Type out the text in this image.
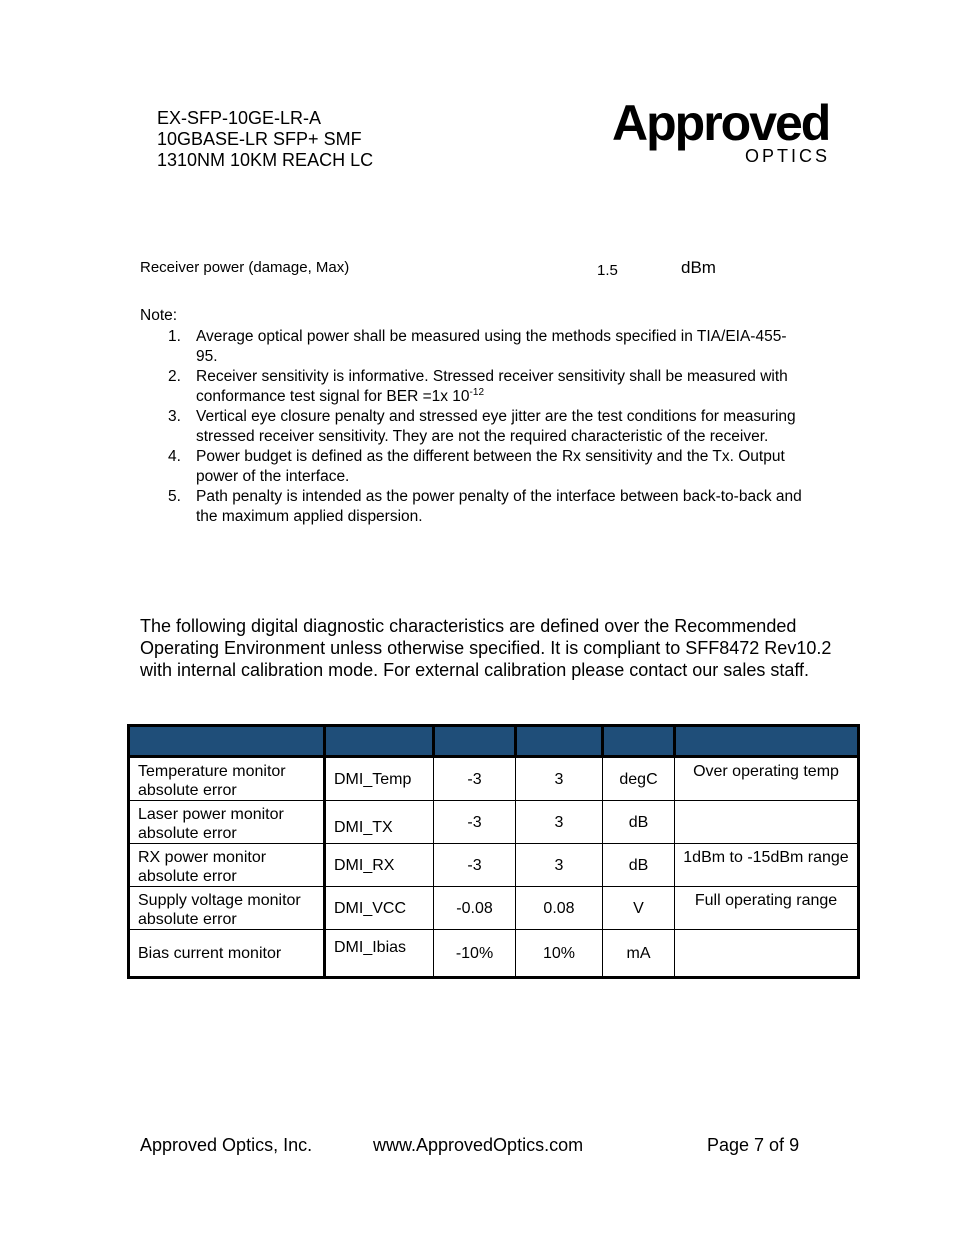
EX-SFP-10GE-LR-A
10GBASE-LR SFP+ SMF
1310NM 10KM REACH LC
Approved
OPTICS
Receiver power (damage, Max)	1.5	dBm
Note:
1. Average optical power shall be measured using the methods specified in TIA/EIA-455-95.
2. Receiver sensitivity is informative. Stressed receiver sensitivity shall be measured with conformance test signal for BER =1x $10^{-12}$
3. Vertical eye closure penalty and stressed eye jitter are the test conditions for measuring stressed receiver sensitivity. They are not the required characteristic of the receiver.
4. Power budget is defined as the different between the Rx sensitivity and the Tx. Output power of the interface.
5. Path penalty is intended as the power penalty of the interface between back-to-back and the maximum applied dispersion.
The following digital diagnostic characteristics are defined over the Recommended Operating Environment unless otherwise specified. It is compliant to SFF8472 Rev10.2 with internal calibration mode. For external calibration please contact our sales staff.

Temperature monitor absolute error	DMI_Temp	-3	3	degC	Over operating temp
Laser power monitor absolute error	DMI_TX	-3	3	dB	
RX power monitor absolute error	DMI_RX	-3	3	dB	1dBm to -15dBm range
Supply voltage monitor absolute error	DMI_VCC	-0.08	0.08	V	Full operating range
Bias current monitor	DMI_Ibias	-10%	10%	mA	
Approved Optics, Inc.	www.ApprovedOptics.com	Page 7 of 9
